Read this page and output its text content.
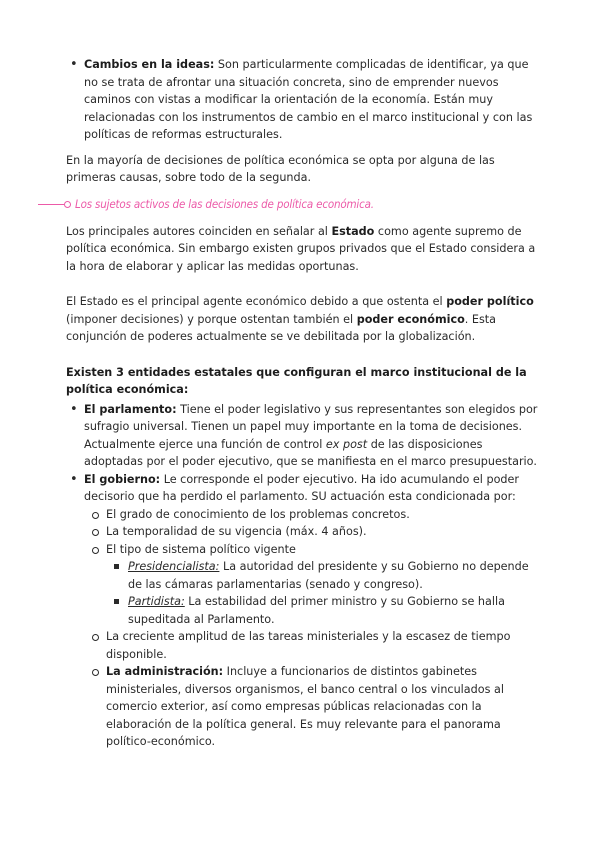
• Cambios en la ideas: Son particularmente complicadas de identificar, ya que no se trata de afrontar una situación concreta, sino de emprender nuevos caminos con vistas a modificar la orientación de la economía. Están muy relacionadas con los instrumentos de cambio en el marco institucional y con las políticas de reformas estructurales.

En la mayoría de decisiones de política económica se opta por alguna de las primeras causas, sobre todo de la segunda.

Los sujetos activos de las decisiones de política económica.

Los principales autores coinciden en señalar al Estado como agente supremo de política económica. Sin embargo existen grupos privados que el Estado considera a la hora de elaborar y aplicar las medidas oportunas.

El Estado es el principal agente económico debido a que ostenta el poder político (imponer decisiones) y porque ostentan también el poder económico. Esta conjunción de poderes actualmente se ve debilitada por la globalización.

Existen 3 entidades estatales que configuran el marco institucional de la política económica:

• El parlamento: Tiene el poder legislativo y sus representantes son elegidos por sufragio universal. Tienen un papel muy importante en la toma de decisiones. Actualmente ejerce una función de control ex post de las disposiciones adoptadas por el poder ejecutivo, que se manifiesta en el marco presupuestario.
• El gobierno: Le corresponde el poder ejecutivo. Ha ido acumulando el poder decisorio que ha perdido el parlamento. SU actuación esta condicionada por:
El grado de conocimiento de los problemas concretos.
La temporalidad de su vigencia (máx. 4 años).
El tipo de sistema político vigente
Presidencialista: La autoridad del presidente y su Gobierno no depende de las cámaras parlamentarias (senado y congreso).
Partidista: La estabilidad del primer ministro y su Gobierno se halla supeditada al Parlamento.
La creciente amplitud de las tareas ministeriales y la escasez de tiempo disponible.
La administración: Incluye a funcionarios de distintos gabinetes ministeriales, diversos organismos, el banco central o los vinculados al comercio exterior, así como empresas públicas relacionadas con la elaboración de la política general. Es muy relevante para el panorama político-económico.
